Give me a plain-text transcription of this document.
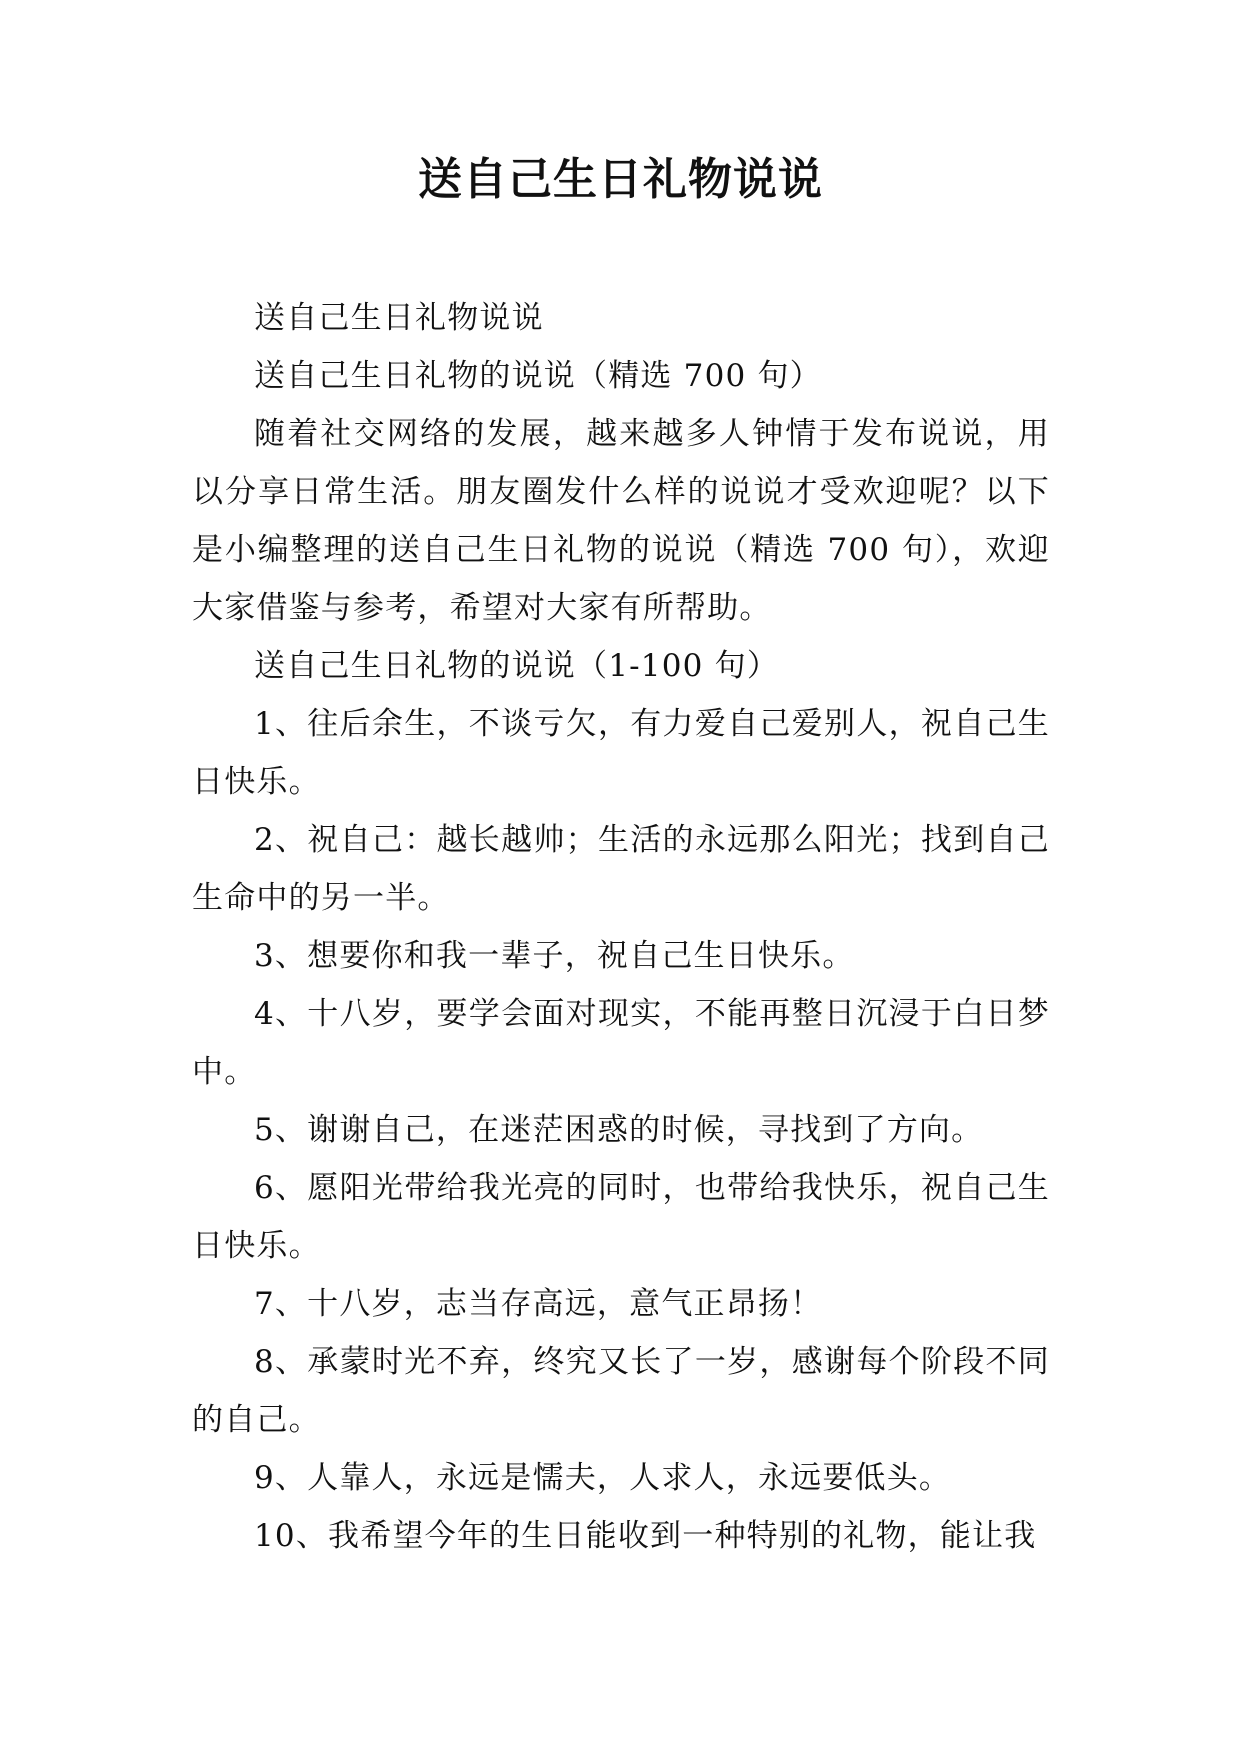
送自己生日礼物说说

送自己生日礼物说说

送自己生日礼物的说说（精选 700 句）

随着社交网络的发展，越来越多人钟情于发布说说，用以分享日常生活。朋友圈发什么样的说说才受欢迎呢？以下是小编整理的送自己生日礼物的说说（精选 700 句），欢迎大家借鉴与参考，希望对大家有所帮助。

送自己生日礼物的说说（1-100 句）

1、往后余生，不谈亏欠，有力爱自己爱别人，祝自己生日快乐。

2、祝自己：越长越帅；生活的永远那么阳光；找到自己生命中的另一半。

3、想要你和我一辈子，祝自己生日快乐。

4、十八岁，要学会面对现实，不能再整日沉浸于白日梦中。

5、谢谢自己，在迷茫困惑的时候，寻找到了方向。

6、愿阳光带给我光亮的同时，也带给我快乐，祝自己生日快乐。

7、十八岁，志当存高远，意气正昂扬！

8、承蒙时光不弃，终究又长了一岁，感谢每个阶段不同的自己。

9、人靠人，永远是懦夫，人求人，永远要低头。

10、我希望今年的生日能收到一种特别的礼物，能让我
